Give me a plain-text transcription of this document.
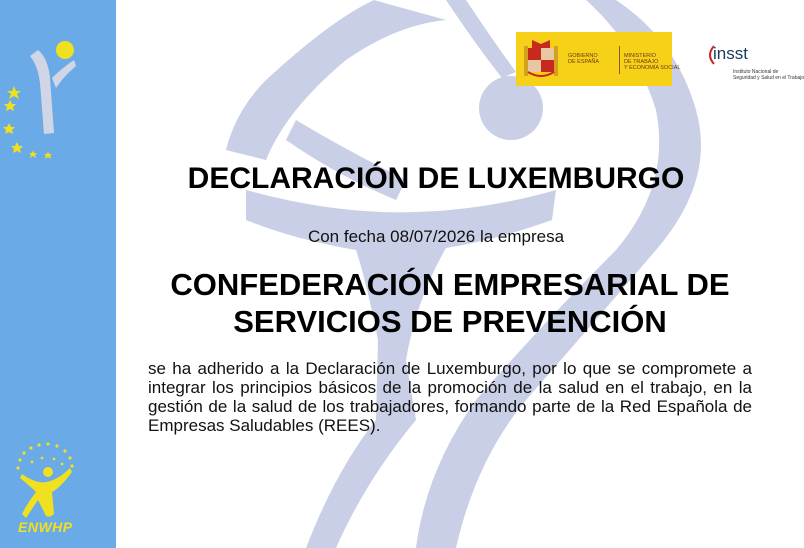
ENWHP
GOBIERNO
DE ESPAÑA
MINISTERIO
DE TRABAJO
Y ECONOMÍA SOCIAL
insst
Instituto Nacional de
Seguridad y Salud en el Trabajo
DECLARACIÓN DE LUXEMBURGO
Con fecha 08/07/2026 la empresa
CONFEDERACIÓN EMPRESARIAL DE
SERVICIOS DE PREVENCIÓN
se ha adherido a la Declaración de Luxemburgo, por lo que se compromete a integrar los principios básicos de la promoción de la salud en el trabajo, en la gestión de la salud de los trabajadores, formando parte de la Red Española de Empresas Saludables (REES).
